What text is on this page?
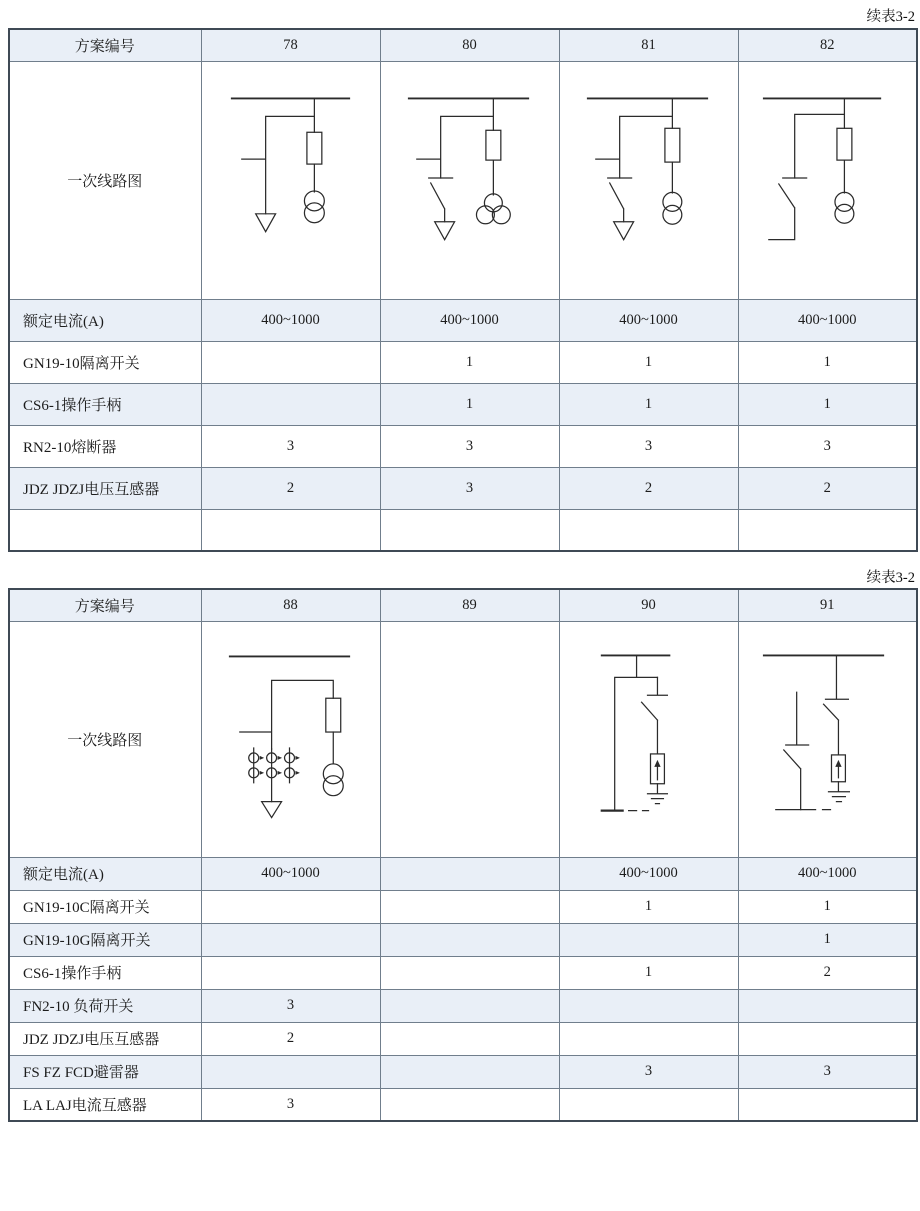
续表3-2
方案编号	78	80	81	82
一次线路图	

额定电流(A)	400~1000	400~1000	400~1000	400~1000
GN19-10隔离开关		1	1	1
CS6-1操作手柄		1	1	1
RN2-10熔断器	3	3	3	3
JDZ JDZJ电压互感器	2	3	2	2

续表3-2
方案编号	88	89	90	91
一次线路图	

额定电流(A)	400~1000		400~1000	400~1000
GN19-10C隔离开关			1	1
GN19-10G隔离开关				1
CS6-1操作手柄			1	2
FN2-10 负荷开关	3			
JDZ JDZJ电压互感器	2			
FS FZ FCD避雷器			3	3
LA LAJ电流互感器	3			
